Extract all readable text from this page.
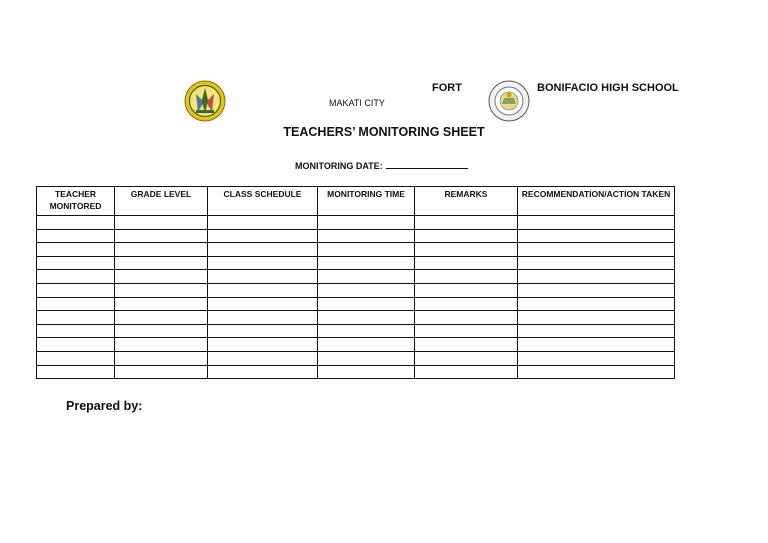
MAKATI CITY
FORT	BONIFACIO HIGH SCHOOL
TEACHERS’ MONITORING SHEET
MONITORING DATE:
TEACHER MONITORED	GRADE LEVEL	CLASS SCHEDULE	MONITORING TIME	REMARKS	RECOMMENDATION/ACTION TAKEN

Prepared by:
